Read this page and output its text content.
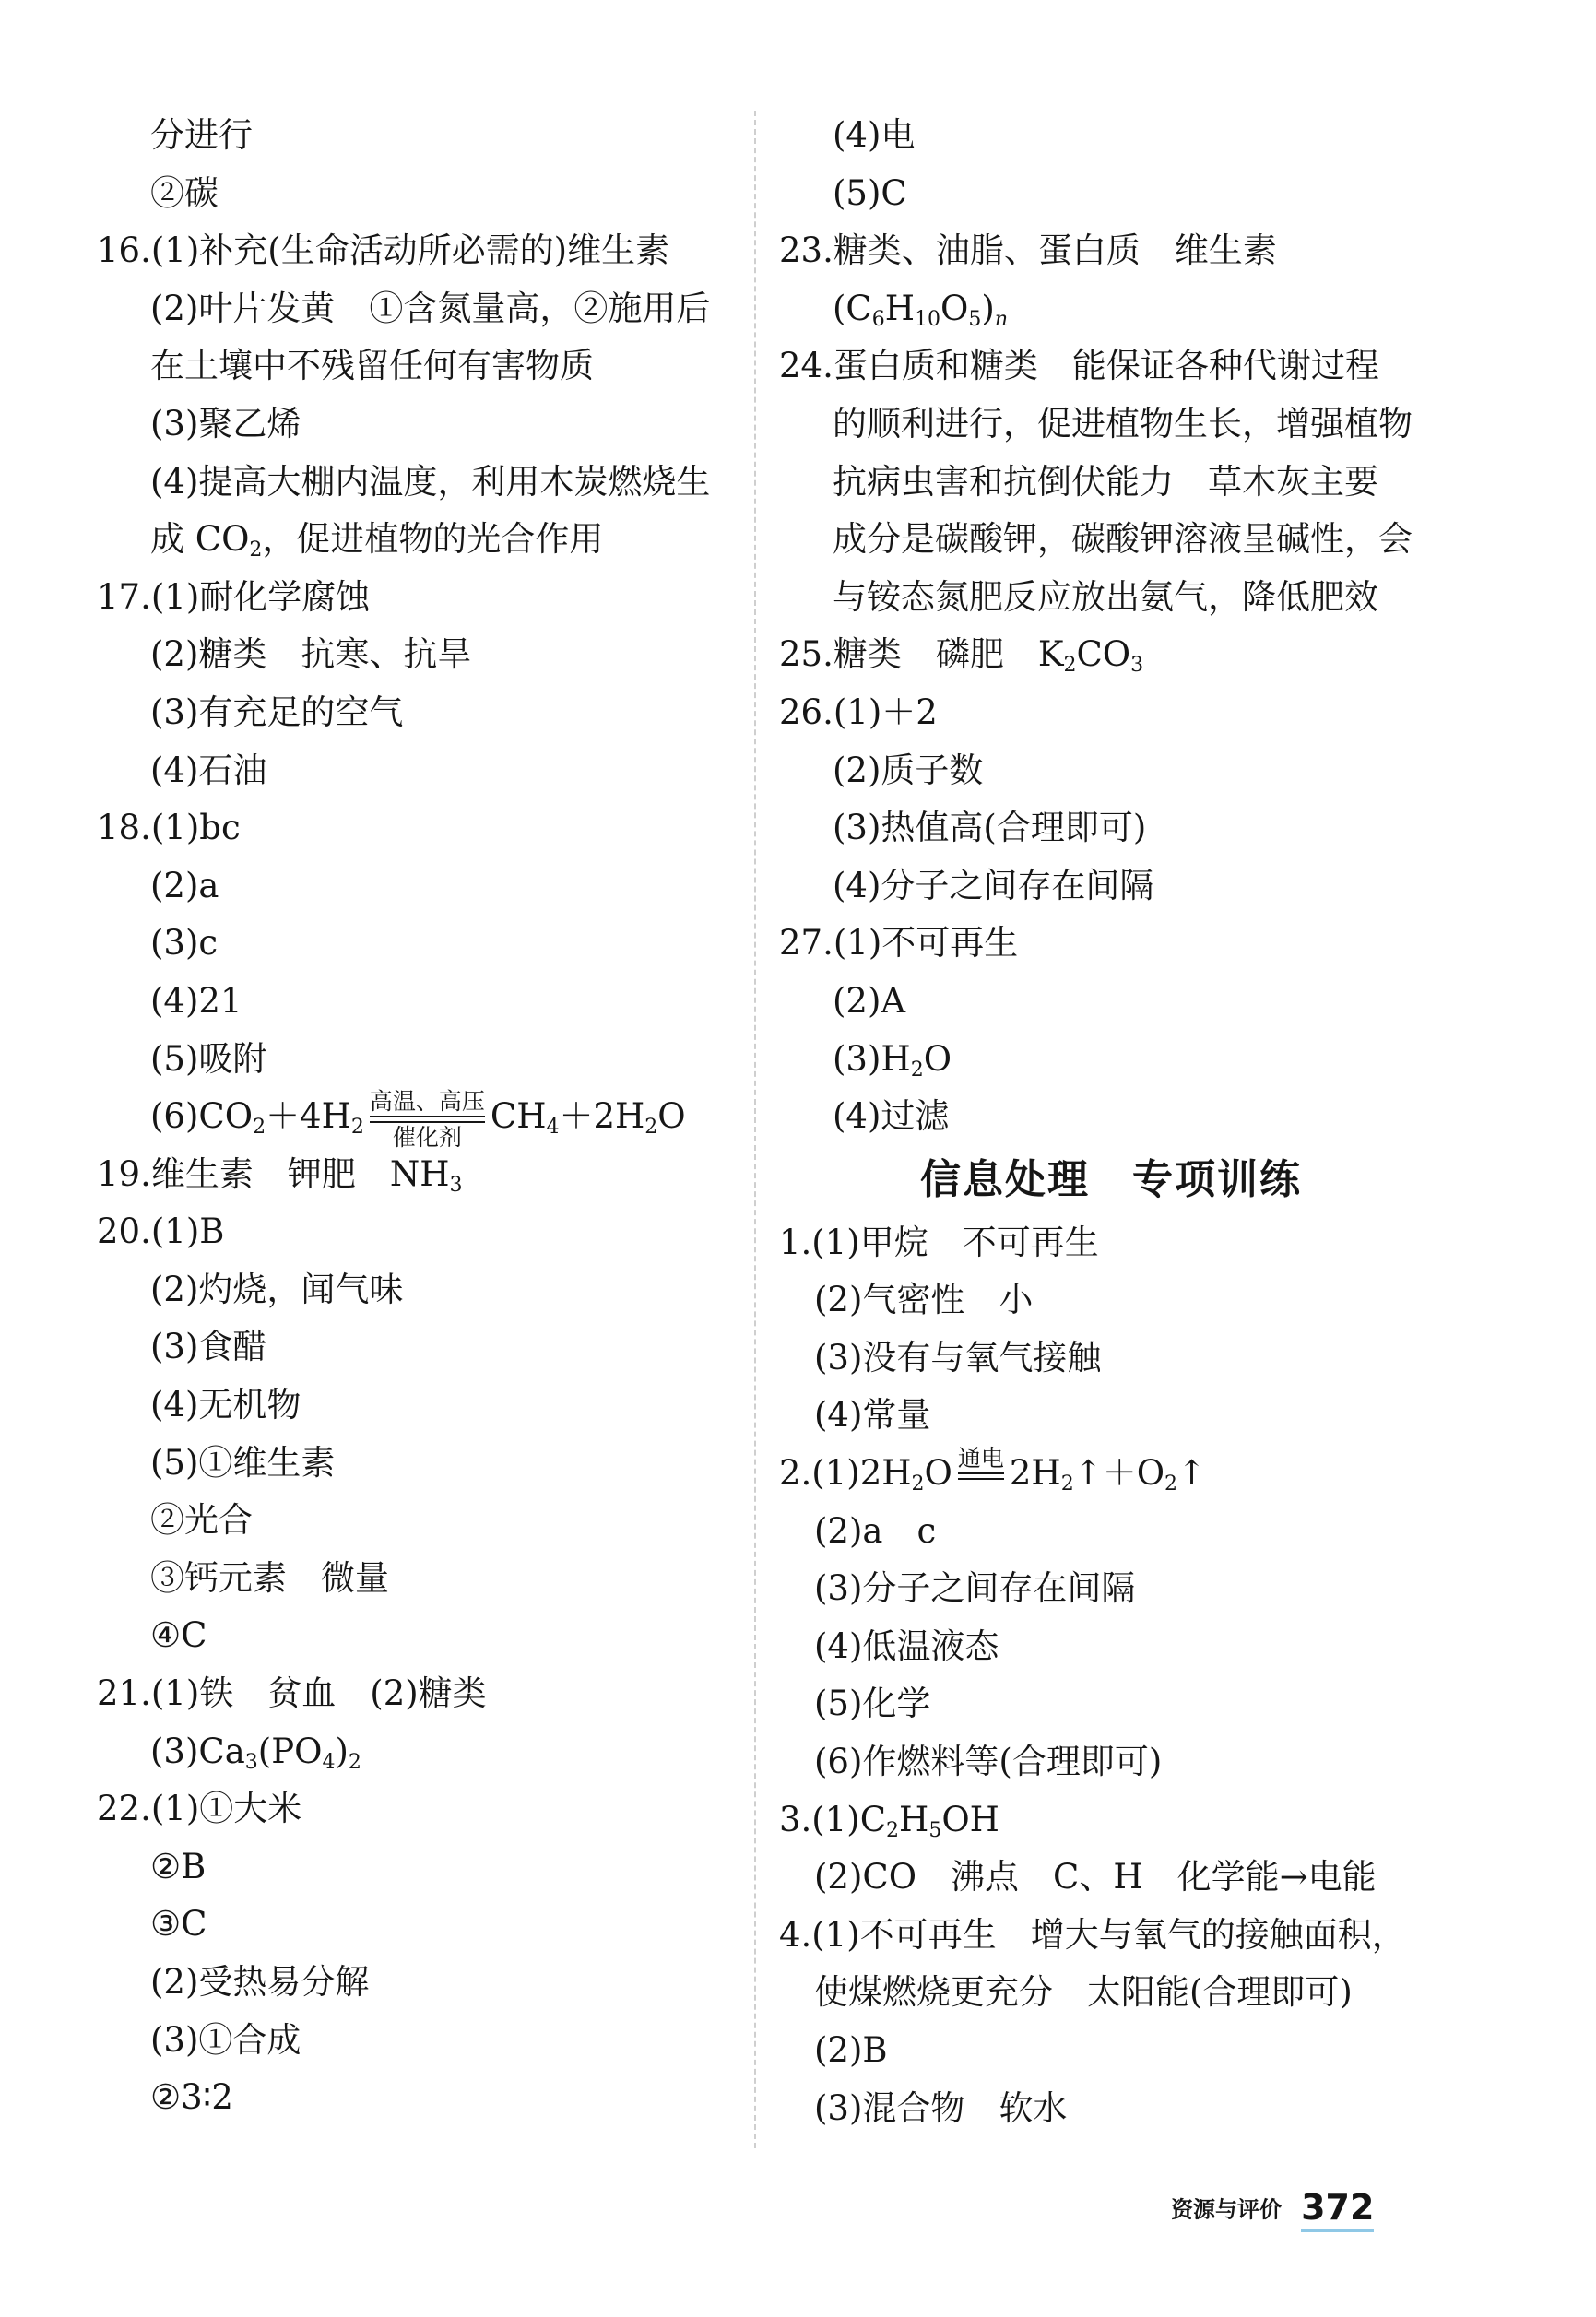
分进行
②碳
16.(1)补充(生命活动所必需的)维生素
(2)叶片发黄　①含氮量高，②施用后
在土壤中不残留任何有害物质
(3)聚乙烯
(4)提高大棚内温度，利用木炭燃烧生
成 $CO_2$，促进植物的光合作用
17.(1)耐化学腐蚀
(2)糖类　抗寒、抗旱
(3)有充足的空气
(4)石油
18.(1)bc
(2)a
(3)c
(4)21
(5)吸附
$(6)CO_2+4H_2$
高温、高压
催化剂
$CH_4+2H_2O$
19.维生素　钾肥　$NH_3$
20.(1)B
(2)灼烧，闻气味
(3)食醋
(4)无机物
(5)①维生素
②光合
③钙元素　微量
④C
21.(1)铁　贫血　(2)糖类
$(3)Ca_3(PO_4)_2$
22.(1)①大米
②B
③C
(2)受热易分解
(3)①合成
②3∶2
(4)电
(5)C
23.糖类、油脂、蛋白质　维生素
$(C_6H_{10}O_5)_n$
24.蛋白质和糖类　能保证各种代谢过程
的顺利进行，促进植物生长，增强植物
抗病虫害和抗倒伏能力　草木灰主要
成分是碳酸钾，碳酸钾溶液呈碱性，会
与铵态氮肥反应放出氨气，降低肥效
25.糖类　磷肥　$K_2CO_3$
26.(1)＋2
(2)质子数
(3)热值高(合理即可)
(4)分子之间存在间隔
27.(1)不可再生
(2)A
$(3)H_2O$
(4)过滤
信息处理　专项训练
1.(1)甲烷　不可再生
(2)气密性　小
(3)没有与氧气接触
(4)常量
$2.(1)2H_2O$ 通电 $2H_2↑+O_2↑$
(2)a　c
(3)分子之间存在间隔
(4)低温液态
(5)化学
(6)作燃料等(合理即可)
$3.(1)C_2H_5OH$
(2)CO　沸点　C、H　化学能→电能
4.(1)不可再生　增大与氧气的接触面积，
使煤燃烧更充分　太阳能(合理即可)
(2)B
(3)混合物　软水
资源与评价 372
